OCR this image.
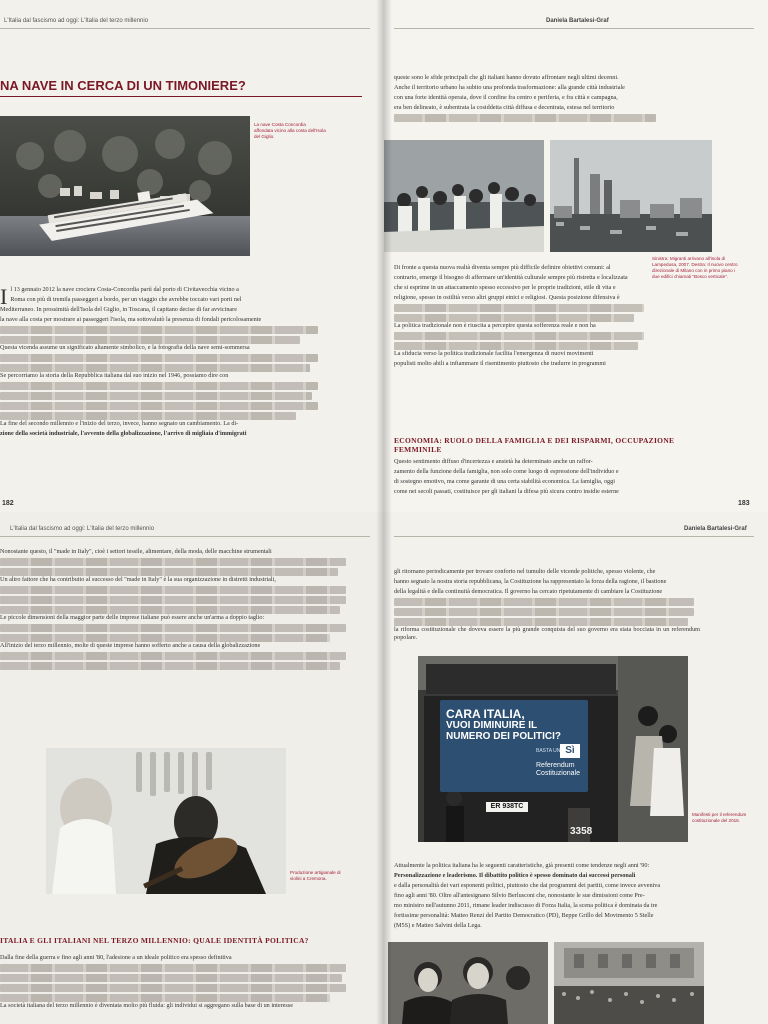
L'Italia dal fascismo ad oggi: L'Italia del terzo millennio
NA NAVE IN CERCA DI UN TIMONIERE?
La nave Costa Concordia affondata vicino alla costa dell'Isola del Giglio.
I l 13 gennaio 2012 la nave crociera Costa-Concordia partì dal porto di Civitavecchia vicino a
Roma con più di tremila passeggeri a bordo, per un viaggio che avrebbe toccato vari porti nel
Mediterraneo. In prossimità dell'Isola del Giglio, in Toscana, il capitano decise di far avvicinare
la nave alla costa per mostrare ai passeggeri l'isola, ma sottovalutò la presenza di fondali pericolosamente
Questa vicenda assume un significato altamente simbolico, e la fotografia della nave semi-sommersa
Se percorriamo la storia della Repubblica italiana dal suo inizio nel 1946, possiamo dire con
La fine del secondo millennio e l'inizio del terzo, invece, hanno segnato un cambiamento. La di-
zione della società industriale, l'avvento della globalizzazione, l'arrivo di migliaia d'immigrati
182
Daniela Bartalesi-Graf
queste sono le sfide principali che gli italiani hanno dovuto affrontare negli ultimi decenni.
Anche il territorio urbano ha subito una profonda trasformazione: alla grande città industriale
con una forte identità operaia, dove il confine fra centro e periferia, e fra città e campagna,
era ben delineato, è subentrata la cosiddetta città diffusa e decentrata, estesa nel territorio
Sinistra: Migranti arrivano all'isola di Lampedusa, 2007. Destra: Il nuovo centro direzionale di Milano con in primo piano i due edifici chiamati "Bosco verticale".
Di fronte a questa nuova realtà diventa sempre più difficile definire obiettivi comuni: al
contrario, emerge il bisogno di affermare un'identità culturale sempre più ristretta e localizzata
che si esprime in un attaccamento spesso eccessivo per le proprie tradizioni, stile di vita e
religione, spesso in ostilità verso altri gruppi etnici e religiosi. Questa posizione difensiva è
La politica tradizionale non è riuscita a percepire questa sofferenza reale e non ha
La sfiducia verso la politica tradizionale facilita l'emergenza di nuovi movimenti
populisti molto abili a infiammare il risentimento piuttosto che tradurre in programmi
ECONOMIA: RUOLO DELLA FAMIGLIA E DEI RISPARMI, OCCUPAZIONE FEMMINILE
Questo sentimento diffuso d'incertezza e ansietà ha determinato anche un raffor-
zamento della funzione della famiglia, non solo come luogo di espressione dell'individuo e
di sostegno emotivo, ma come garante di una certa stabilità economica. La famiglia, oggi
come nei secoli passati, costituisce per gli italiani la difesa più sicura contro insidie esterne
183
L'Italia dal fascismo ad oggi: L'Italia del terzo millennio
Nonostante questo, il "made in Italy", cioè i settori tessile, alimentare, della moda, delle macchine strumentali
Un altro fattore che ha contribuito al successo del "made in Italy" è la sua organizzazione in distretti industriali,
Le piccole dimensioni della maggior parte delle imprese italiane può essere anche un'arma a doppio taglio:
All'inizio del terzo millennio, molte di queste imprese hanno sofferto anche a causa della globalizzazione
Produzione artigianale di violini a Cremona.
ITALIA E GLI ITALIANI NEL TERZO MILLENNIO: QUALE IDENTITÀ POLITICA?
Dalla fine della guerra e fino agli anni '80, l'adesione a un ideale politico era spesso definitiva
La società italiana del terzo millennio è diventata molto più fluida: gli individui si aggregano sulla base di un interesse
Daniela Bartalesi-Graf
gli ritornano periodicamente per trovare conforto nel tumulto delle vicende politiche, spesso violente, che
hanno segnato la nostra storia repubblicana, la Costituzione ha rappresentato la forza della ragione, il bastione
della legalità e della continuità democratica. Il governo ha cercato ripetutamente di cambiare la Costituzione
la riforma costituzionale che doveva essere la più grande conquista del suo governo era stata bocciata in un referendum popolare.
CARA ITALIA,
VUOI DIMINUIRE IL
NUMERO DEI POLITICI?
BASTA UN Sì
Referendum
Costituzionale
ER 938TC
3358
Manifesti per il referendum costituzionale del 2016.
Attualmente la politica italiana ha le seguenti caratteristiche, già presenti come tendenze negli anni '90:
Personalizzazione e leaderismo. Il dibattito politico è spesso dominato dai successi personali
e dalla personalità dei vari esponenti politici, piuttosto che dai programmi dei partiti, come invece avveniva
fino agli anni '80. Oltre all'antesignano Silvio Berlusconi che, nonostante le sue dimissioni come Pre-
mo ministro nell'autunno 2011, rimane leader indiscusso di Forza Italia, la scena politica è dominata da tre
fortissime personalità: Matteo Renzi del Partito Democratico (PD), Beppe Grillo del Movimento 5 Stelle
(M5S) e Matteo Salvini della Lega.
